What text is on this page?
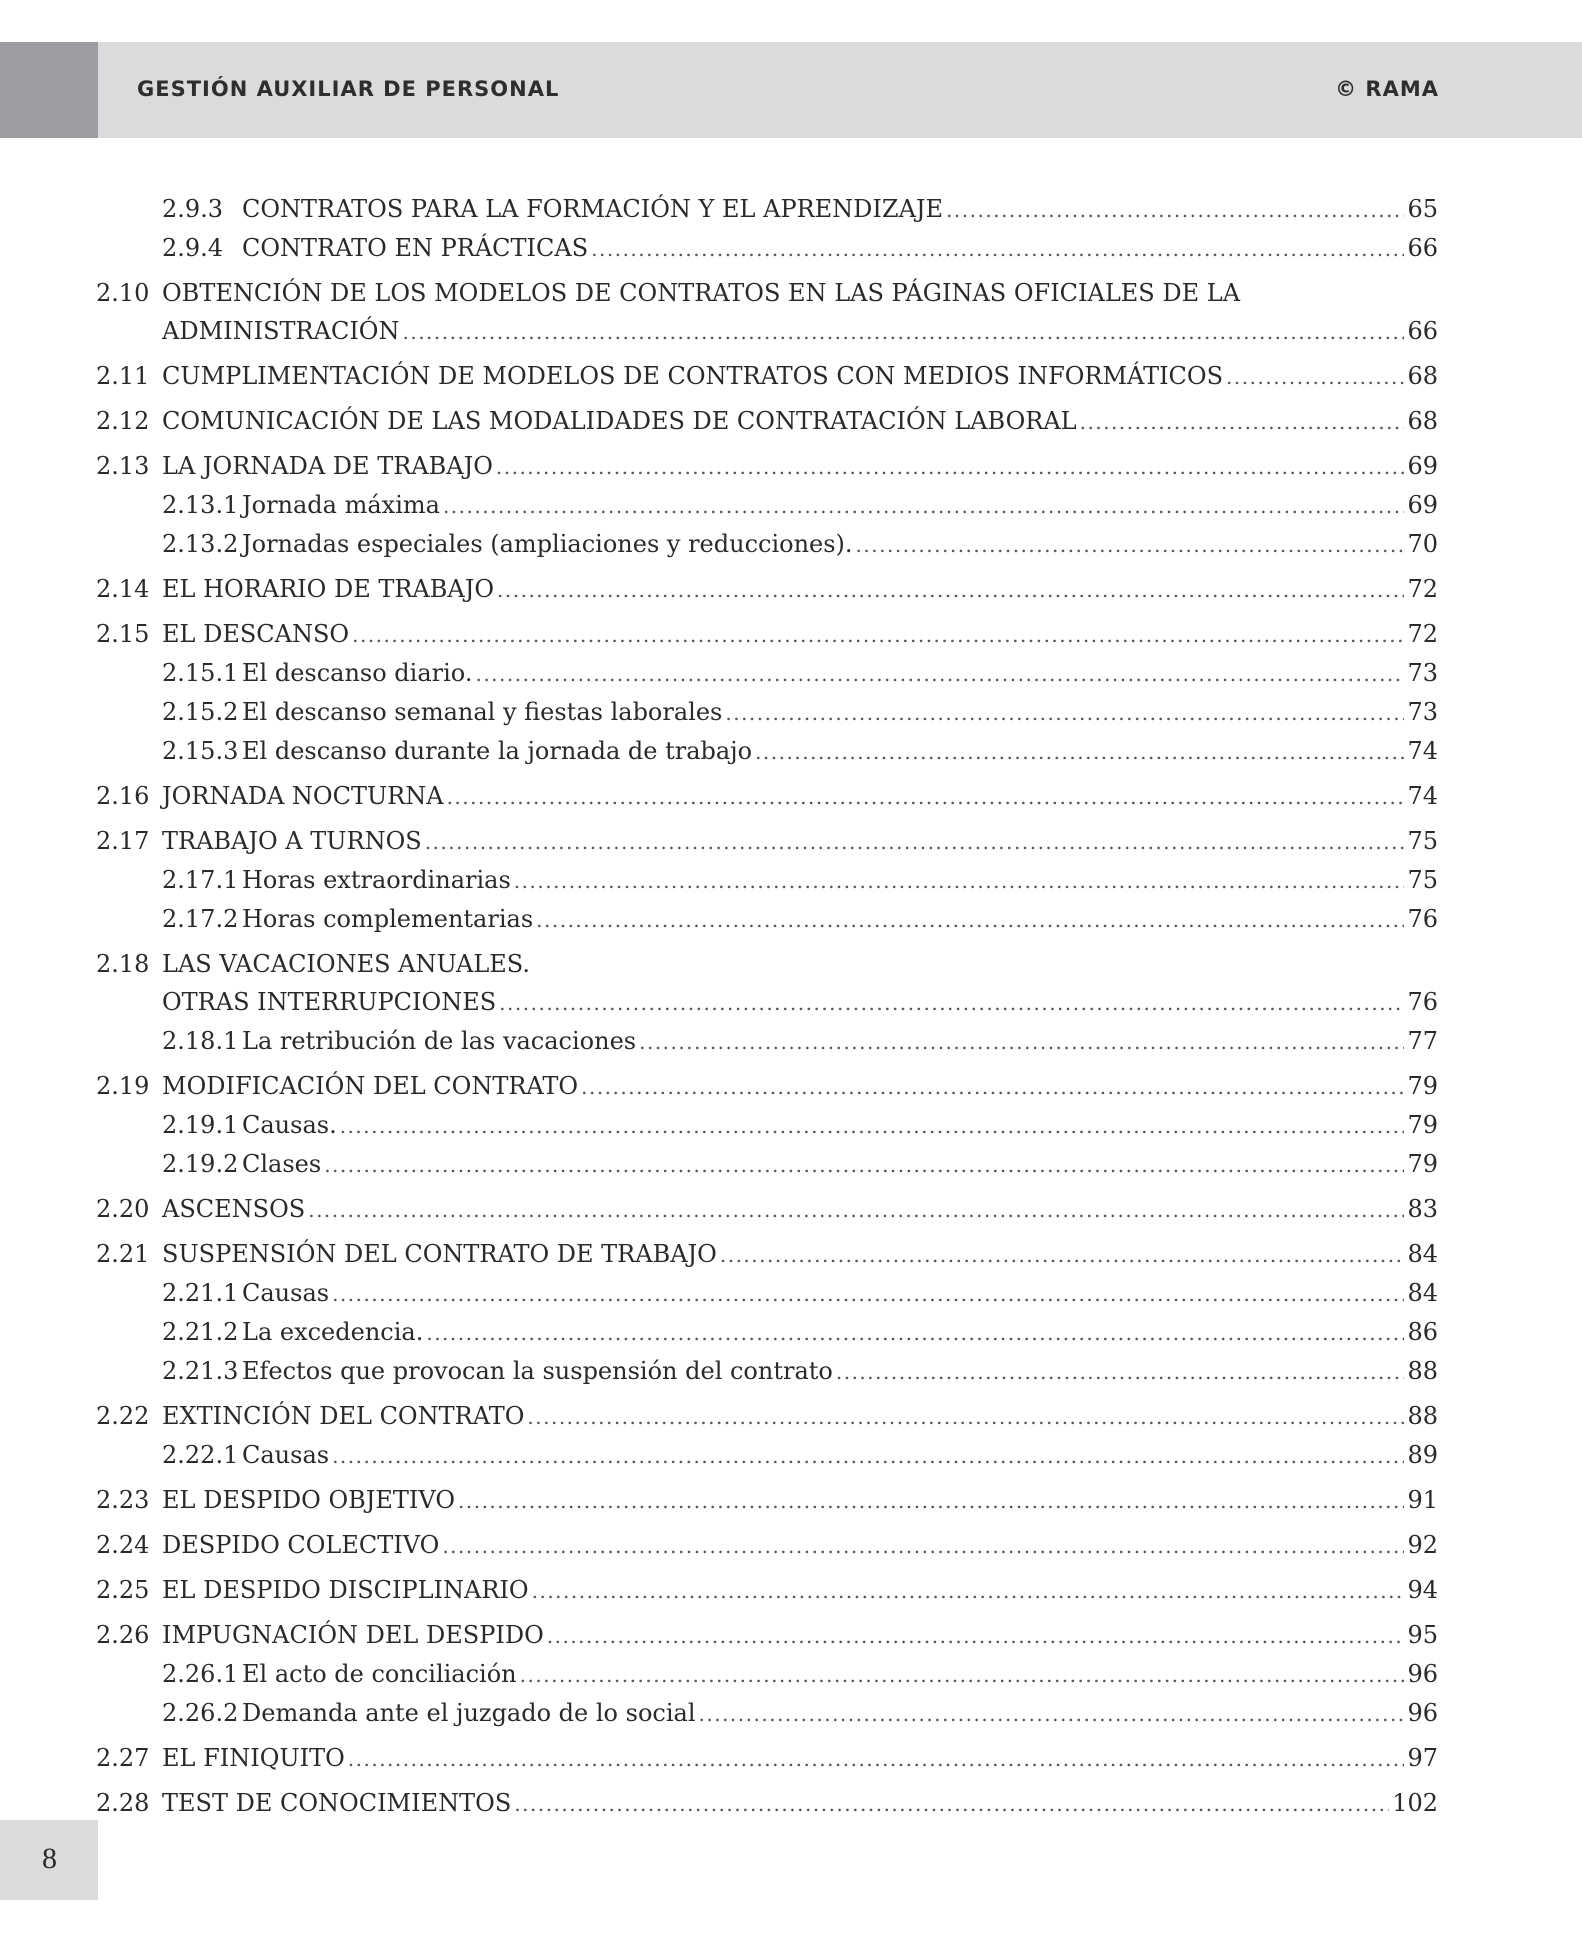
GESTIÓN AUXILIAR DE PERSONAL	© RAMA
2.9.3 CONTRATOS PARA LA FORMACIÓN Y EL APRENDIZAJE .....	65
2.9.4 CONTRATO EN PRÁCTICAS .....	66
2.10 OBTENCIÓN DE LOS MODELOS DE CONTRATOS EN LAS PÁGINAS OFICIALES DE LA
ADMINISTRACIÓN .....	66
2.11 CUMPLIMENTACIÓN DE MODELOS DE CONTRATOS CON MEDIOS INFORMÁTICOS .....	68
2.12 COMUNICACIÓN DE LAS MODALIDADES DE CONTRATACIÓN LABORAL .....	68
2.13 LA JORNADA DE TRABAJO .....	69
2.13.1 Jornada máxima .....	69
2.13.2 Jornadas especiales (ampliaciones y reducciones). .....	70
2.14 EL HORARIO DE TRABAJO .....	72
2.15 EL DESCANSO .....	72
2.15.1 El descanso diario. .....	73
2.15.2 El descanso semanal y fiestas laborales .....	73
2.15.3 El descanso durante la jornada de trabajo .....	74
2.16 JORNADA NOCTURNA .....	74
2.17 TRABAJO A TURNOS .....	75
2.17.1 Horas extraordinarias .....	75
2.17.2 Horas complementarias .....	76
2.18 LAS VACACIONES ANUALES.
OTRAS INTERRUPCIONES .....	76
2.18.1 La retribución de las vacaciones .....	77
2.19 MODIFICACIÓN DEL CONTRATO .....	79
2.19.1 Causas. .....	79
2.19.2 Clases .....	79
2.20 ASCENSOS .....	83
2.21 SUSPENSIÓN DEL CONTRATO DE TRABAJO .....	84
2.21.1 Causas .....	84
2.21.2 La excedencia. .....	86
2.21.3 Efectos que provocan la suspensión del contrato .....	88
2.22 EXTINCIÓN DEL CONTRATO .....	88
2.22.1 Causas .....	89
2.23 EL DESPIDO OBJETIVO .....	91
2.24 DESPIDO COLECTIVO .....	92
2.25 EL DESPIDO DISCIPLINARIO .....	94
2.26 IMPUGNACIÓN DEL DESPIDO .....	95
2.26.1 El acto de conciliación .....	96
2.26.2 Demanda ante el juzgado de lo social .....	96
2.27 EL FINIQUITO .....	97
2.28 TEST DE CONOCIMIENTOS .....	102
8
